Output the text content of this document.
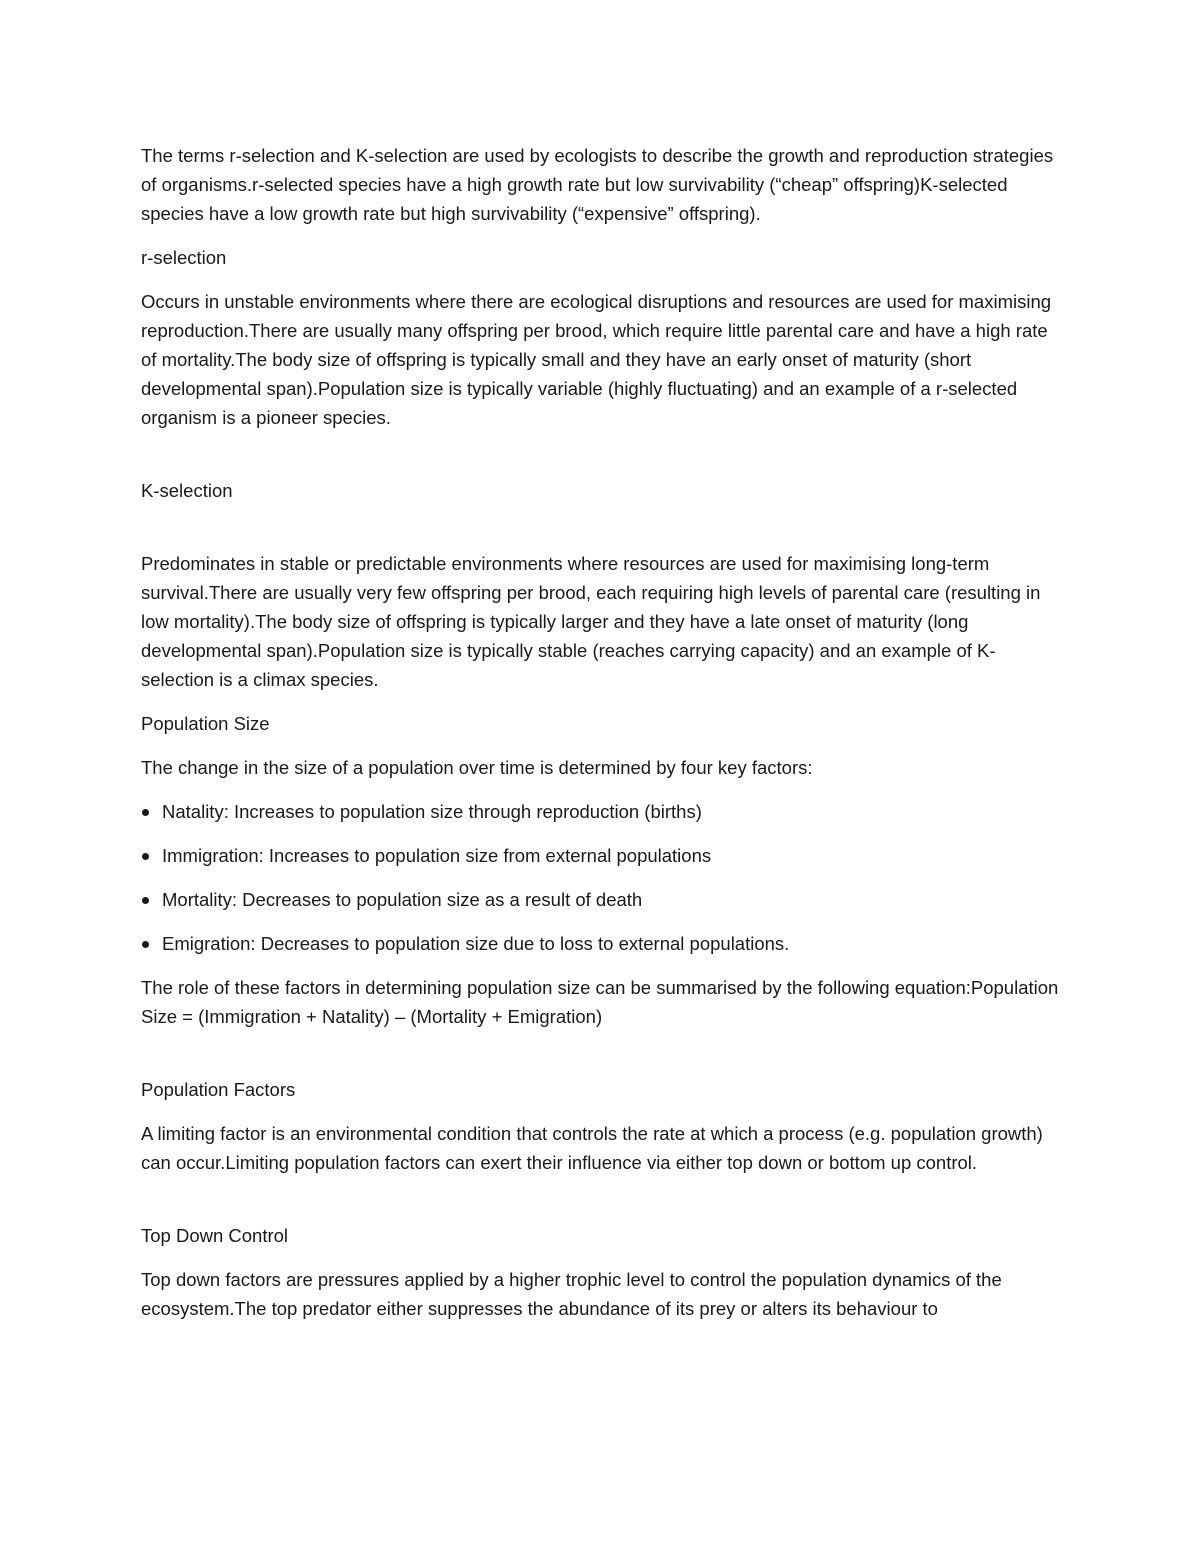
The terms r-selection and K-selection are used by ecologists to describe the growth and reproduction strategies of organisms.r-selected species have a high growth rate but low survivability (“cheap” offspring)K-selected species have a low growth rate but high survivability (“expensive” offspring).

r-selection

Occurs in unstable environments where there are ecological disruptions and resources are used for maximising reproduction.There are usually many offspring per brood, which require little parental care and have a high rate of mortality.The body size of offspring is typically small and they have an early onset of maturity (short developmental span).Population size is typically variable (highly fluctuating) and an example of a r-selected organism is a pioneer species.

K-selection

Predominates in stable or predictable environments where resources are used for maximising long-term survival.There are usually very few offspring per brood, each requiring high levels of parental care (resulting in low mortality).The body size of offspring is typically larger and they have a late onset of maturity (long developmental span).Population size is typically stable (reaches carrying capacity) and an example of K-selection is a climax species.

Population Size

The change in the size of a population over time is determined by four key factors:

Natality: Increases to population size through reproduction (births)
Immigration: Increases to population size from external populations
Mortality: Decreases to population size as a result of death
Emigration: Decreases to population size due to loss to external populations.

The role of these factors in determining population size can be summarised by the following equation:Population Size = (Immigration + Natality) – (Mortality + Emigration)

Population Factors

A limiting factor is an environmental condition that controls the rate at which a process (e.g. population growth) can occur.Limiting population factors can exert their influence via either top down or bottom up control.

Top Down Control

Top down factors are pressures applied by a higher trophic level to control the population dynamics of the ecosystem.The top predator either suppresses the abundance of its prey or alters its behaviour to
